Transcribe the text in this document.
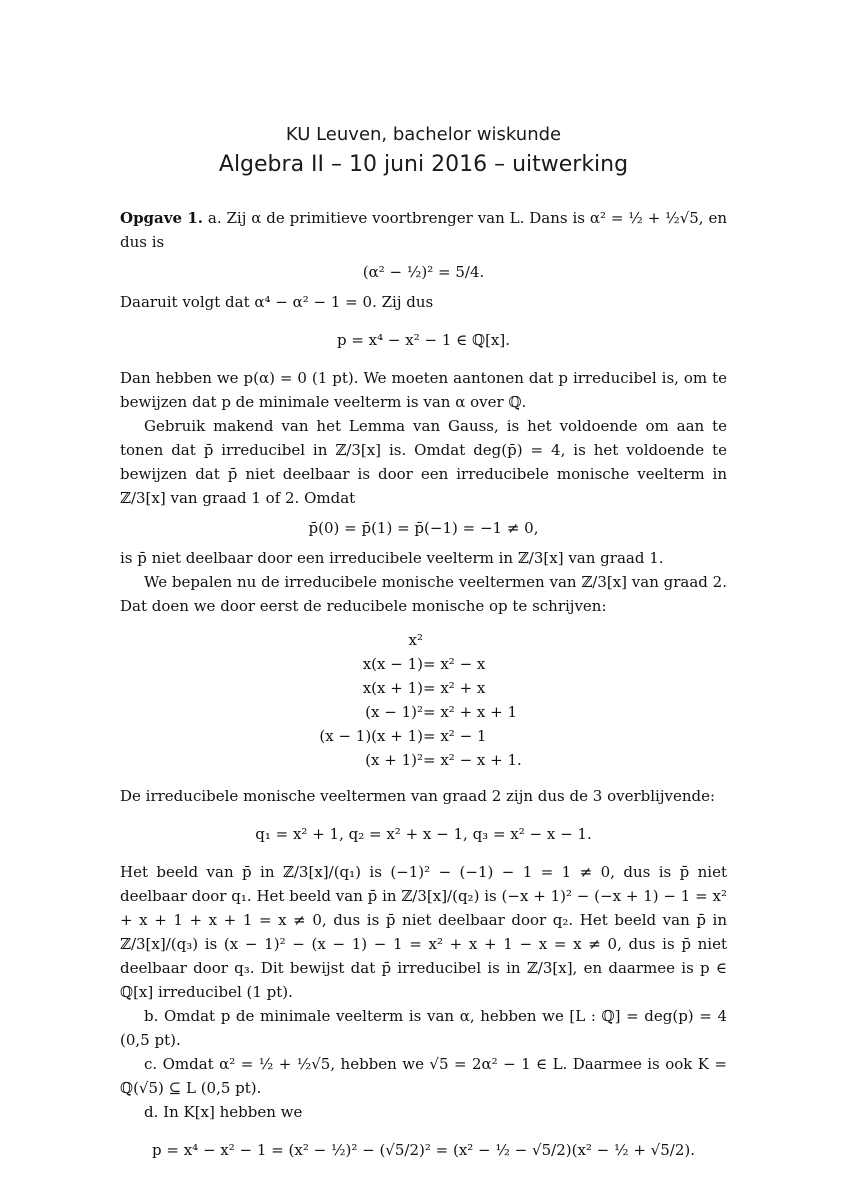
KU Leuven, bachelor wiskunde
Algebra II – 10 juni 2016 – uitwerking

Opgave 1. a. Zij α de primitieve voortbrenger van L. Dans is α² = ½ + ½√5, en dus is

(α² − ½)² = 5/4.

Daaruit volgt dat α⁴ − α² − 1 = 0. Zij dus

p = x⁴ − x² − 1 ∈ ℚ[x].

Dan hebben we p(α) = 0 (1 pt). We moeten aantonen dat p irreducibel is, om te bewijzen dat p de minimale veelterm is van α over ℚ.

Gebruik makend van het Lemma van Gauss, is het voldoende om aan te tonen dat p̄ irreducibel in ℤ/3[x] is. Omdat deg(p̄) = 4, is het voldoende te bewijzen dat p̄ niet deelbaar is door een irreducibele monische veelterm in ℤ/3[x] van graad 1 of 2. Omdat

p̄(0) = p̄(1) = p̄(−1) = −1 ≠ 0,

is p̄ niet deelbaar door een irreducibele veelterm in ℤ/3[x] van graad 1.

We bepalen nu de irreducibele monische veeltermen van ℤ/3[x] van graad 2. Dat doen we door eerst de reducibele monische op te schrijven:

x²
x(x − 1) = x² − x
x(x + 1) = x² + x
(x − 1)² = x² + x + 1
(x − 1)(x + 1) = x² − 1
(x + 1)² = x² − x + 1.

De irreducibele monische veeltermen van graad 2 zijn dus de 3 overblijvende:

q₁ = x² + 1, q₂ = x² + x − 1, q₃ = x² − x − 1.

Het beeld van p̄ in ℤ/3[x]/(q₁) is (−1)² − (−1) − 1 = 1 ≠ 0, dus is p̄ niet deelbaar door q₁. Het beeld van p̄ in ℤ/3[x]/(q₂) is (−x + 1)² − (−x + 1) − 1 = x² + x + 1 + x + 1 = x ≠ 0, dus is p̄ niet deelbaar door q₂. Het beeld van p̄ in ℤ/3[x]/(q₃) is (x − 1)² − (x − 1) − 1 = x² + x + 1 − x = x ≠ 0, dus is p̄ niet deelbaar door q₃. Dit bewijst dat p̄ irreducibel is in ℤ/3[x], en daarmee is p ∈ ℚ[x] irreducibel (1 pt).

b. Omdat p de minimale veelterm is van α, hebben we [L : ℚ] = deg(p) = 4 (0,5 pt).

c. Omdat α² = ½ + ½√5, hebben we √5 = 2α² − 1 ∈ L. Daarmee is ook K = ℚ(√5) ⊆ L (0,5 pt).

d. In K[x] hebben we

p = x⁴ − x² − 1 = (x² − ½)² − (√5/2)² = (x² − ½ − √5/2)(x² − ½ + √5/2).
